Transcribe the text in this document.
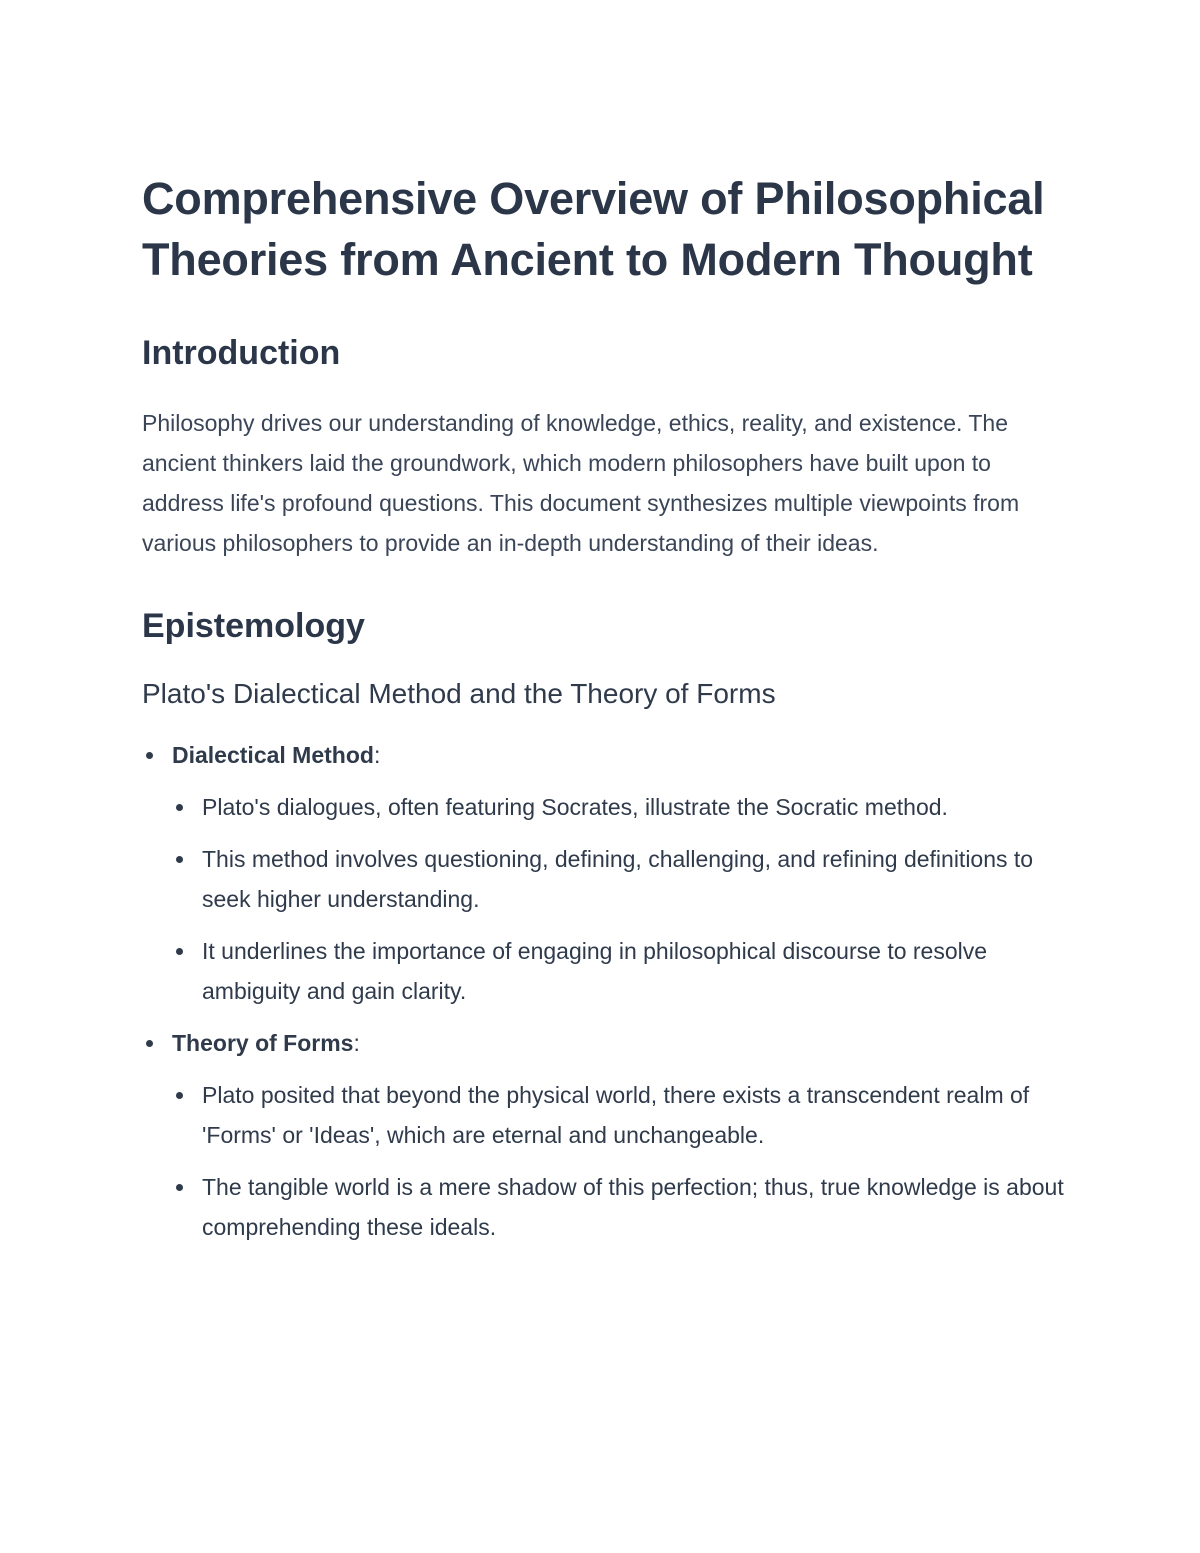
Comprehensive Overview of Philosophical Theories from Ancient to Modern Thought
Introduction

Philosophy drives our understanding of knowledge, ethics, reality, and existence. The ancient thinkers laid the groundwork, which modern philosophers have built upon to address life's profound questions. This document synthesizes multiple viewpoints from various philosophers to provide an in-depth understanding of their ideas.

Epistemology
Plato's Dialectical Method and the Theory of Forms
Dialectical Method:
Plato's dialogues, often featuring Socrates, illustrate the Socratic method.
This method involves questioning, defining, challenging, and refining definitions to seek higher understanding.
It underlines the importance of engaging in philosophical discourse to resolve ambiguity and gain clarity.
Theory of Forms:
Plato posited that beyond the physical world, there exists a transcendent realm of 'Forms' or 'Ideas', which are eternal and unchangeable.
The tangible world is a mere shadow of this perfection; thus, true knowledge is about comprehending these ideals.
